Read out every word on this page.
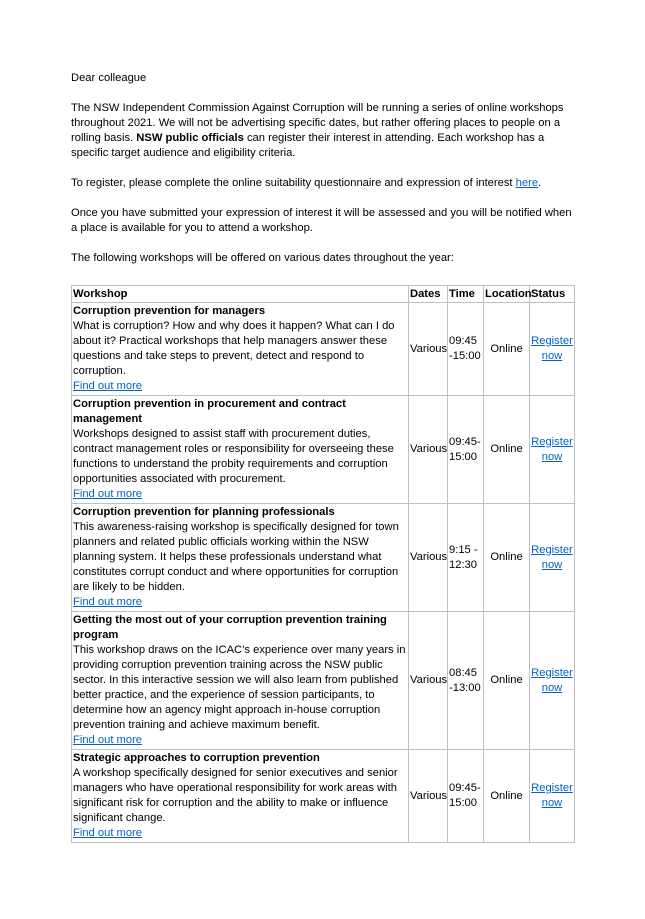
Dear colleague

The NSW Independent Commission Against Corruption will be running a series of online workshops throughout 2021. We will not be advertising specific dates, but rather offering places to people on a rolling basis. NSW public officials can register their interest in attending. Each workshop has a specific target audience and eligibility criteria.

To register, please complete the online suitability questionnaire and expression of interest here.

Once you have submitted your expression of interest it will be assessed and you will be notified when a place is available for you to attend a workshop.

The following workshops will be offered on various dates throughout the year:

Workshop	Dates	Time	Location	Status

Corruption prevention for managers
What is corruption? How and why does it happen? What can I do about it? Practical workshops that help managers answer these questions and take steps to prevent, detect and respond to corruption.
Find out more	Various	09:45 -15:00	Online	Register now

Corruption prevention in procurement and contract management
Workshops designed to assist staff with procurement duties, contract management roles or responsibility for overseeing these functions to understand the probity requirements and corruption opportunities associated with procurement.
Find out more	Various	09:45-15:00	Online	Register now

Corruption prevention for planning professionals
This awareness-raising workshop is specifically designed for town planners and related public officials working within the NSW planning system. It helps these professionals understand what constitutes corrupt conduct and where opportunities for corruption are likely to be hidden.
Find out more	Various	9:15 - 12:30	Online	Register now

Getting the most out of your corruption prevention training program
This workshop draws on the ICAC’s experience over many years in providing corruption prevention training across the NSW public sector. In this interactive session we will also learn from published better practice, and the experience of session participants, to determine how an agency might approach in-house corruption prevention training and achieve maximum benefit.
Find out more	Various	08:45 -13:00	Online	Register now

Strategic approaches to corruption prevention
A workshop specifically designed for senior executives and senior managers who have operational responsibility for work areas with significant risk for corruption and the ability to make or influence significant change.
Find out more	Various	09:45-15:00	Online	Register now
